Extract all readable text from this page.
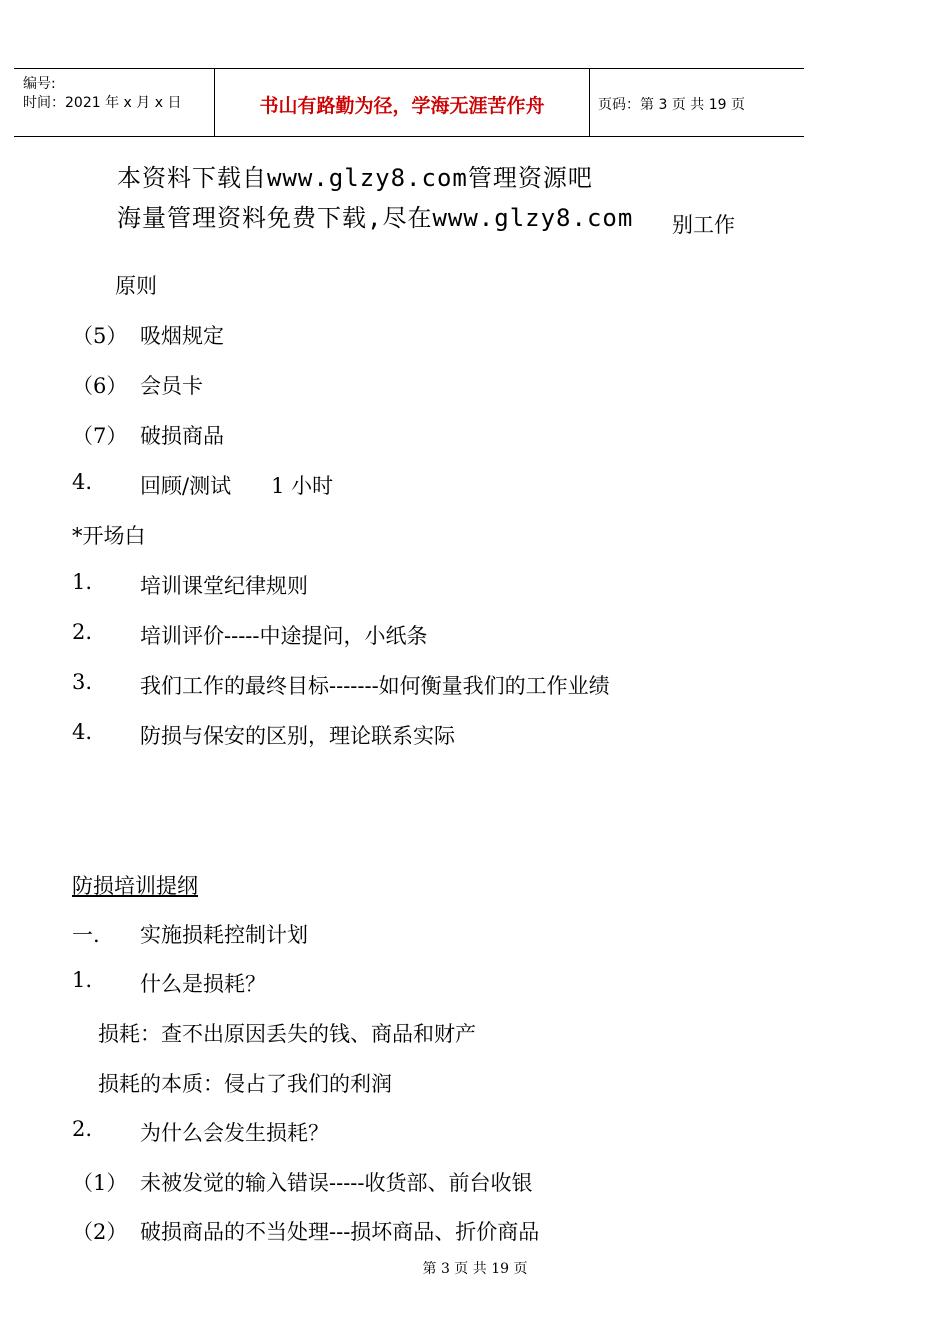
编号:
时间：2021 年 x 月 x 日	书山有路勤为径，学海无涯苦作舟	页码：第 3 页 共 19 页
本资料下载自www.glzy8.com管理资源吧
海量管理资料免费下载,尽在www.glzy8.com 别工作
原则
（5） 吸烟规定
（6） 会员卡
（7） 破损商品
4. 回顾/测试      1 小时
*开场白
1. 培训课堂纪律规则
2. 培训评价-----中途提问，小纸条
3. 我们工作的最终目标-------如何衡量我们的工作业绩
4. 防损与保安的区别，理论联系实际
防损培训提纲
一. 实施损耗控制计划
1. 什么是损耗？
损耗：查不出原因丢失的钱、商品和财产
损耗的本质：侵占了我们的利润
2. 为什么会发生损耗？
（1） 未被发觉的输入错误-----收货部、前台收银
（2） 破损商品的不当处理---损坏商品、折价商品
第 3 页 共 19 页
